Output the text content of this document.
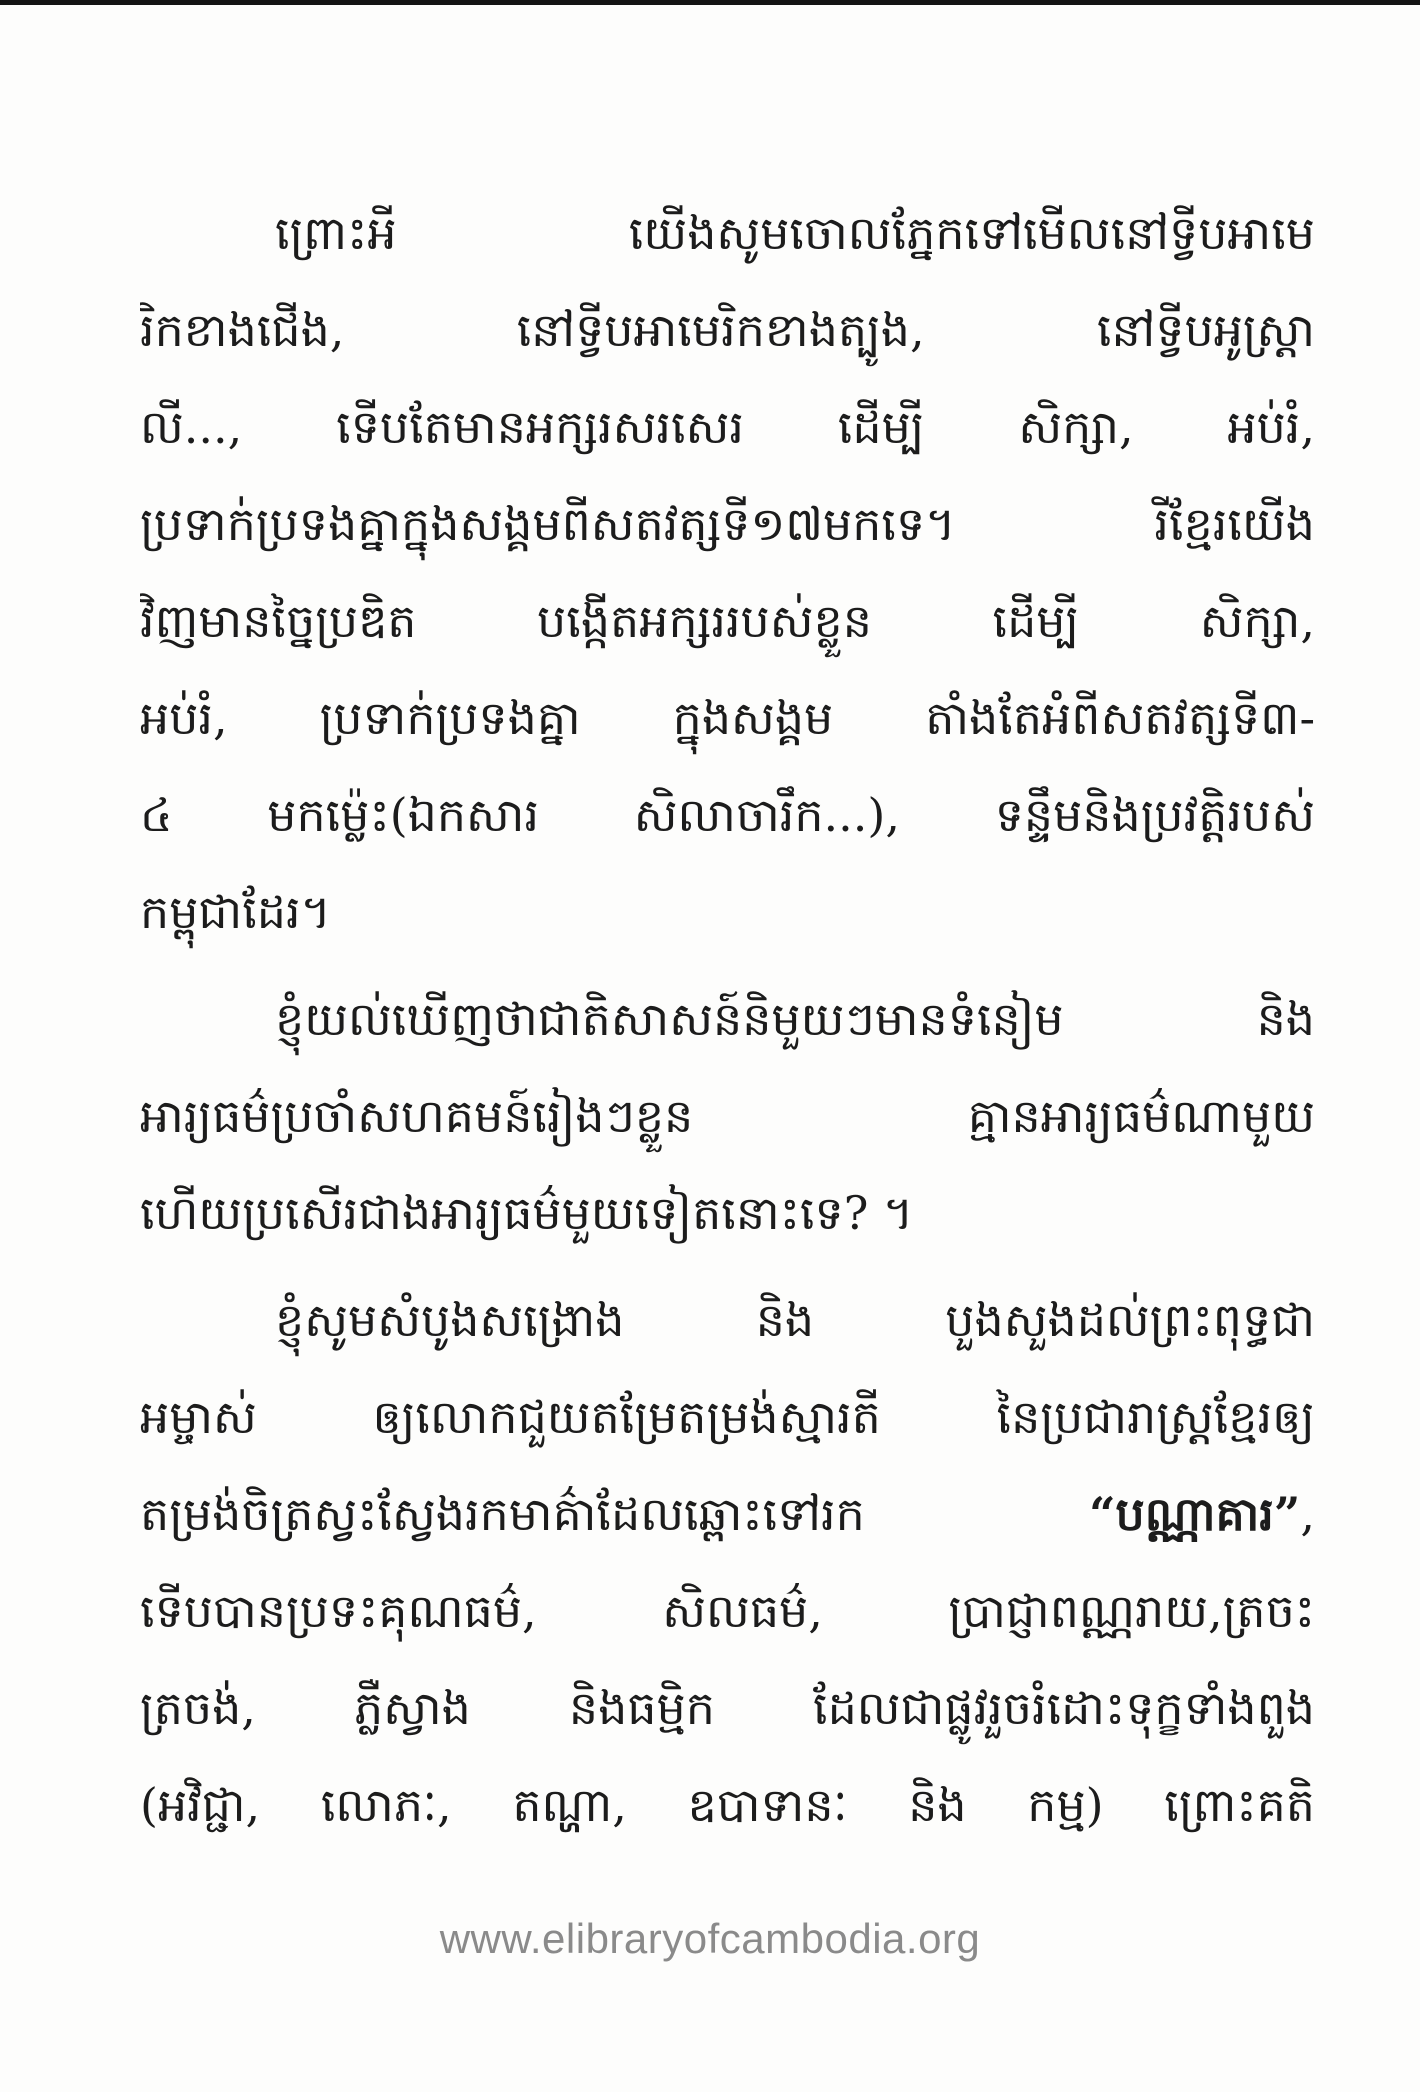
ព្រោះអី យើងសូមចោលភ្នែកទៅមើលនៅទ្វីបអាមេ
រិកខាងជើង, នៅទ្វីបអាមេរិកខាងត្បូង, នៅទ្វីបអូស្ត្រា
លី..., ទើបតែមានអក្សរសរសេរ ដើម្បី សិក្សា, អប់រំ,
ប្រទាក់ប្រទងគ្នាក្នុងសង្គមពីសតវត្សទី១៧មកទេ។ រីខ្មែរយើង
វិញមានច្នៃប្រឌិត បង្កើតអក្សររបស់ខ្លួន ដើម្បី សិក្សា,
អប់រំ, ប្រទាក់ប្រទងគ្នា ក្នុងសង្គម តាំងតែអំពីសតវត្សទី៣-
៤ មកម៉្លេះ(ឯកសារ សិលាចារឹក...), ទន្ទឹមនិងប្រវត្តិរបស់
កម្ពុជាដែរ។
ខ្ញុំយល់ឃើញថាជាតិសាសន៍និមួយៗមានទំនៀម និង
អារ្យធម៌ប្រចាំសហគមន៍រៀងៗខ្លួន គ្មានអារ្យធម៌ណាមួយ
ហើយប្រសើរជាងអារ្យធម៌មួយទៀតនោះទេ? ។
ខ្ញុំសូមសំបូងសង្រោង និង បួងសួងដល់ព្រះពុទ្ធជា
អម្ចាស់ ឲ្យលោកជួយតម្រែតម្រង់ស្មារតី នៃប្រជារាស្ត្រខ្មែរឲ្យ
តម្រង់ចិត្រស្វះស្វែងរកមាគ៌ាដែលឆ្ពោះទៅរក “បណ្ណាគារ”,
ទើបបានប្រទះគុណធម៌, សិលធម៌, ប្រាជ្ញាពណ្ណរាយ,ត្រចះ
ត្រចង់, ភ្លឺស្វាង និងធម្មិក ដែលជាផ្លូវរួចរំដោះទុក្ខទាំងពួង
(អវិជ្ជា, លោភៈ, តណ្ហា, ឧបាទានៈ និង កម្ម) ព្រោះគតិ
www.elibraryofcambodia.org
